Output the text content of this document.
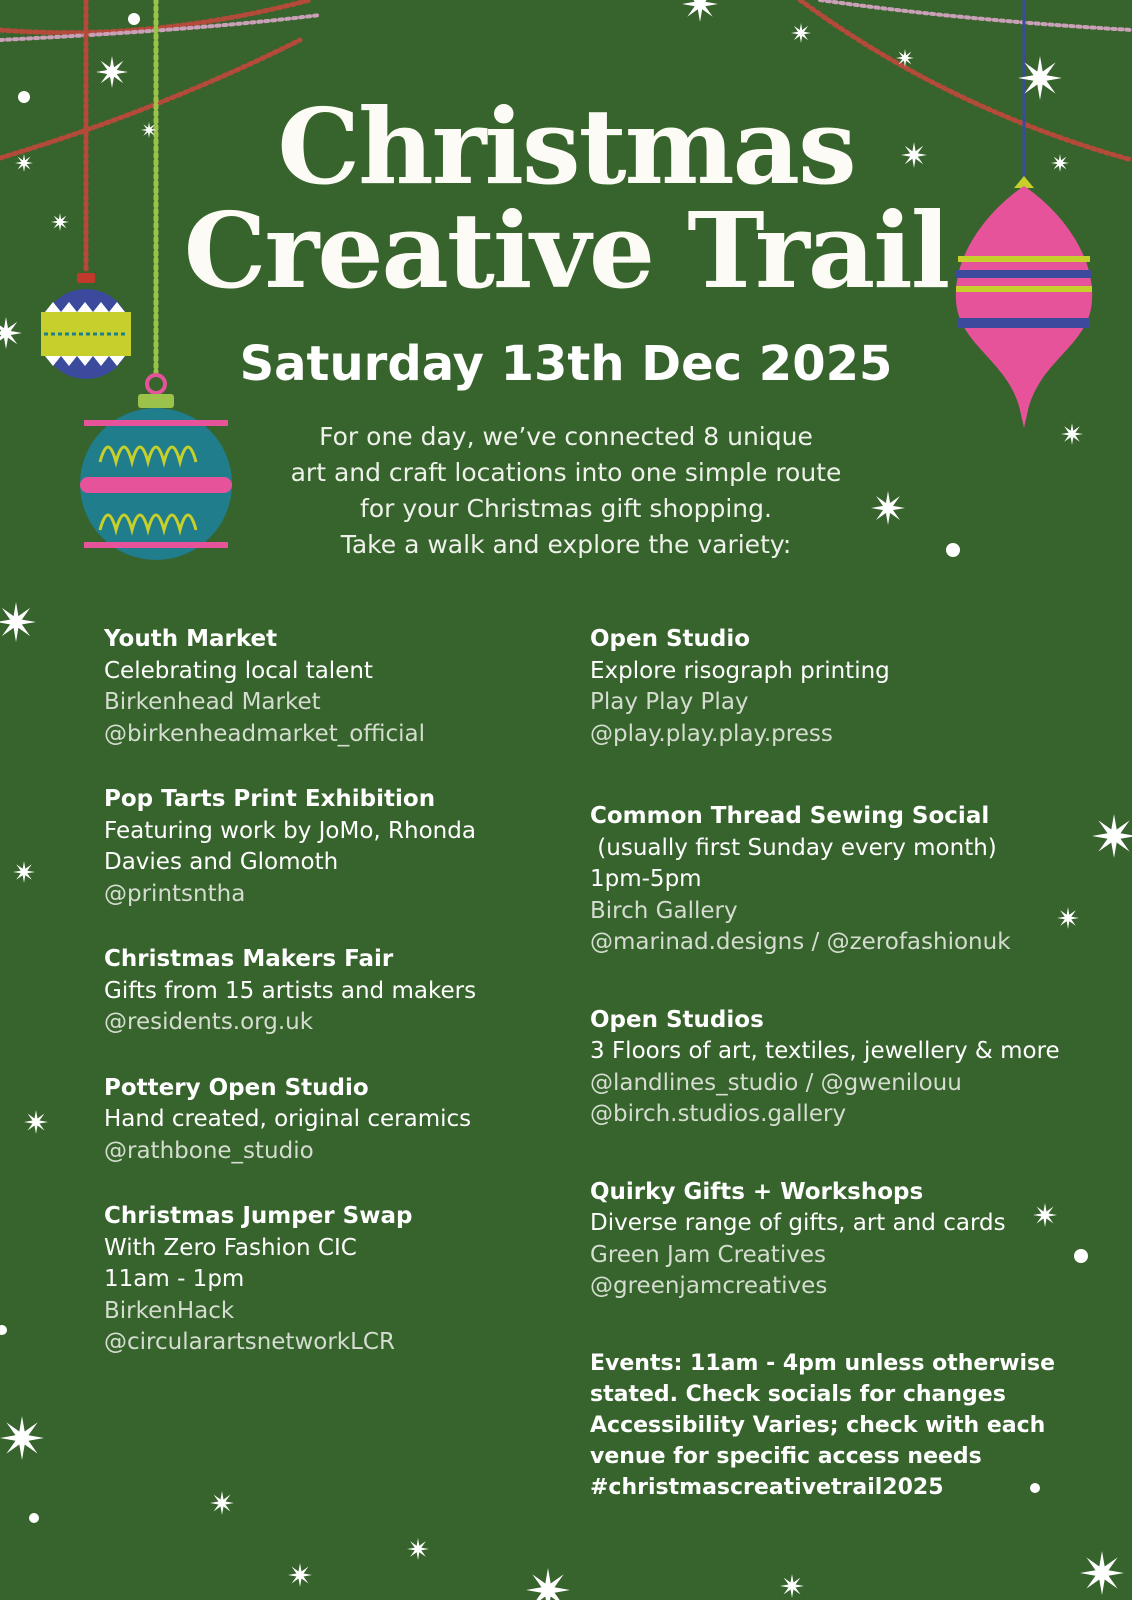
Christmas
Creative Trail
Saturday 13th Dec 2025
For one day, we’ve connected 8 unique
art and craft locations into one simple route
for your Christmas gift shopping.
Take a walk and explore the variety:
Youth Market
Celebrating local talent
Birkenhead Market
@birkenheadmarket_official
Pop Tarts Print Exhibition
Featuring work by JoMo, Rhonda
Davies and Glomoth
@printsntha
Christmas Makers Fair
Gifts from 15 artists and makers
@residents.org.uk
Pottery Open Studio
Hand created, original ceramics
@rathbone_studio
Christmas Jumper Swap
With Zero Fashion CIC
11am - 1pm
BirkenHack
@circularartsnetworkLCR
Open Studio
Explore risograph printing
Play Play Play
@play.play.play.press
Common Thread Sewing Social
(usually first Sunday every month)
1pm-5pm
Birch Gallery
@marinad.designs / @zerofashionuk
Open Studios
3 Floors of art, textiles, jewellery & more
@landlines_studio / @gwenilouu
@birch.studios.gallery
Quirky Gifts + Workshops
Diverse range of gifts, art and cards
Green Jam Creatives
@greenjamcreatives
Events: 11am - 4pm unless otherwise
stated. Check socials for changes
Accessibility Varies; check with each
venue for specific access needs
#christmascreativetrail2025
